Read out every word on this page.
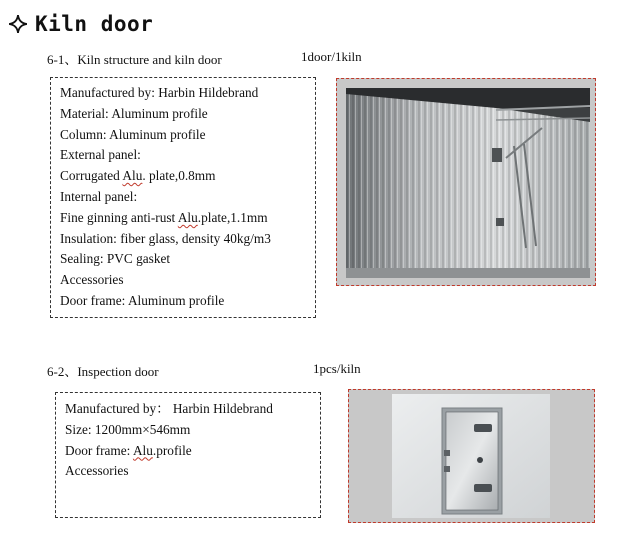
Kiln door
6-1、Kiln structure and kiln door	1door/1kiln
Manufactured by: Harbin Hildebrand
Material: Aluminum profile
Column: Aluminum profile
External panel:
Corrugated Alu. plate,0.8mm
Internal panel:
Fine ginning anti-rust Alu.plate,1.1mm
Insulation: fiber glass, density 40kg/m3
Sealing: PVC gasket
Accessories
Door frame: Aluminum profile
6-2、Inspection door	1pcs/kiln
Manufactured by： Harbin Hildebrand
Size: 1200mm×546mm
Door frame: Alu.profile
Accessories
